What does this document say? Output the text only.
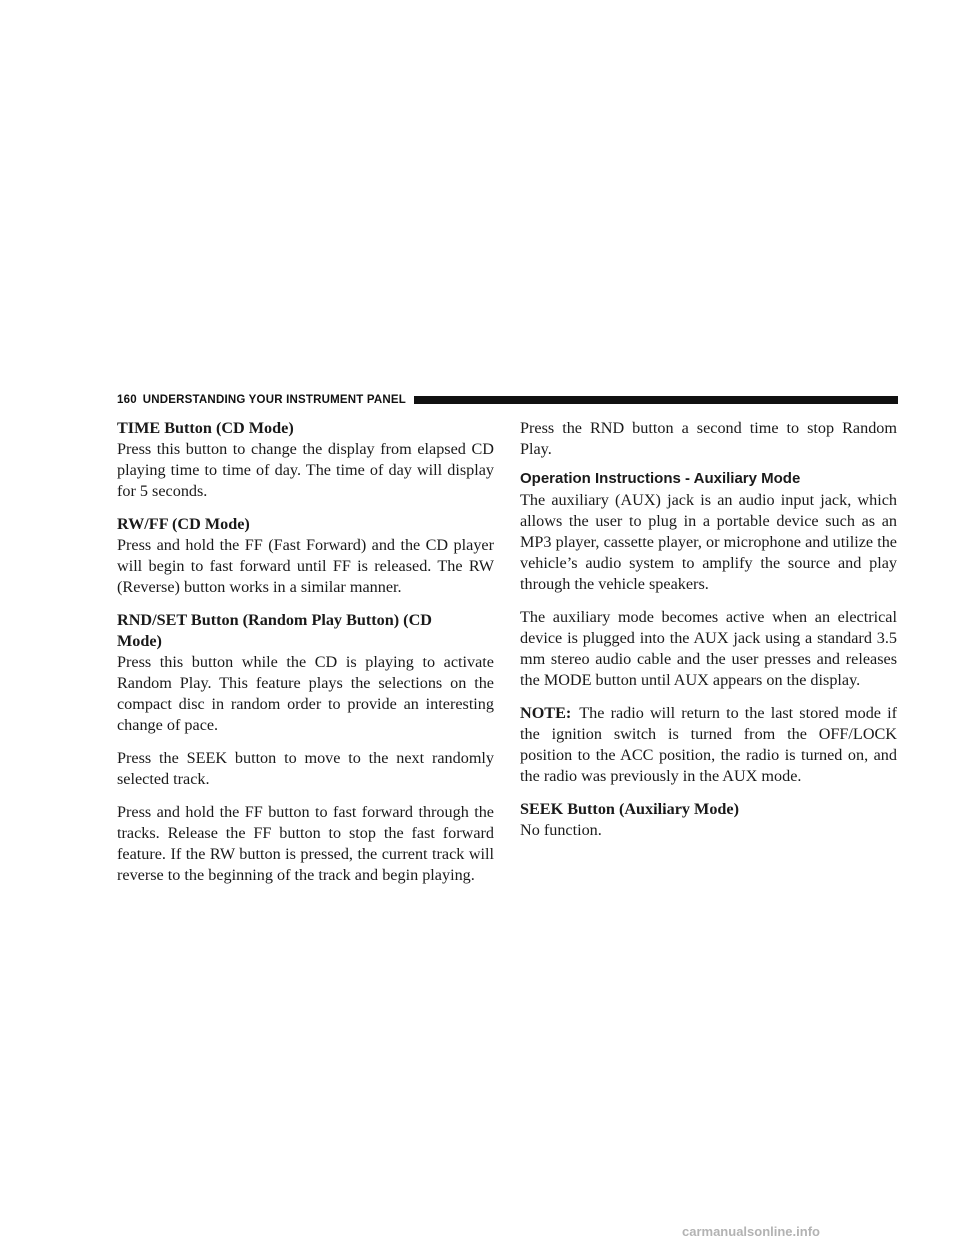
160 UNDERSTANDING YOUR INSTRUMENT PANEL
TIME Button (CD Mode)

Press this button to change the display from elapsed CD playing time to time of day. The time of day will display for 5 seconds.

RW/FF (CD Mode)

Press and hold the FF (Fast Forward) and the CD player will begin to fast forward until FF is released. The RW (Reverse) button works in a similar manner.

RND/SET Button (Random Play Button) (CD Mode)

Press this button while the CD is playing to activate Random Play. This feature plays the selections on the compact disc in random order to provide an interesting change of pace.

Press the SEEK button to move to the next randomly selected track.

Press and hold the FF button to fast forward through the tracks. Release the FF button to stop the fast forward feature. If the RW button is pressed, the current track will reverse to the beginning of the track and begin playing.

Press the RND button a second time to stop Random Play.

Operation Instructions - Auxiliary Mode

The auxiliary (AUX) jack is an audio input jack, which allows the user to plug in a portable device such as an MP3 player, cassette player, or microphone and utilize the vehicle’s audio system to amplify the source and play through the vehicle speakers.

The auxiliary mode becomes active when an electrical device is plugged into the AUX jack using a standard 3.5 mm stereo audio cable and the user presses and releases the MODE button until AUX appears on the display.

NOTE: The radio will return to the last stored mode if the ignition switch is turned from the OFF/LOCK position to the ACC position, the radio is turned on, and the radio was previously in the AUX mode.

SEEK Button (Auxiliary Mode)

No function.

carmanualsonline.info
